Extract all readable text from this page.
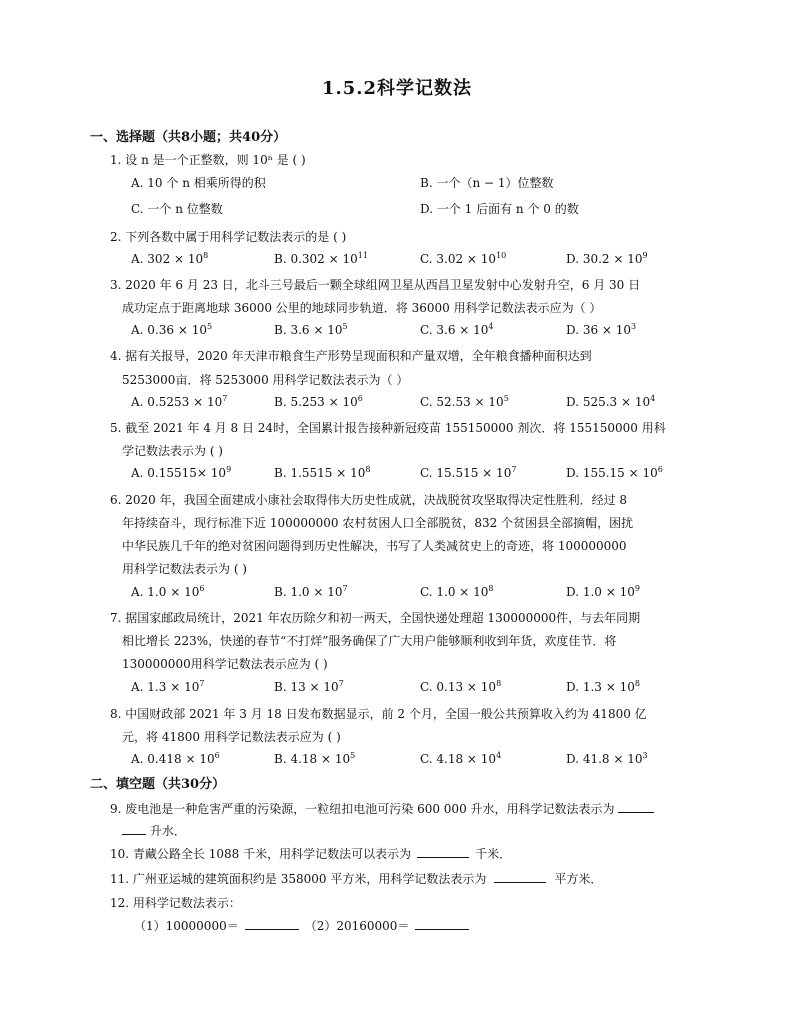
1.5.2科学记数法
一、选择题（共8小题；共40分）
1. 设 n 是一个正整数，则 10ⁿ 是 ( )
A. 10 个 n 相乘所得的积	B. 一个（n − 1）位整数
C. 一个 n 位整数	D. 一个 1 后面有 n 个 0 的数
2. 下列各数中属于用科学记数法表示的是 ( )
A. $302 \times 10^8$	B. $0.302 \times 10^{11}$	C. $3.02 \times 10^{10}$	D. $30.2 \times 10^9$
3. 2020 年 6 月 23 日，北斗三号最后一颗全球组网卫星从西昌卫星发射中心发射升空，6 月 30 日
成功定点于距离地球 36000 公里的地球同步轨道．将 36000 用科学记数法表示应为（ ）
A. $0.36 \times 10^5$	B. $3.6 \times 10^5$	C. $3.6 \times 10^4$	D. $36 \times 10^3$
4. 据有关报导，2020 年天津市粮食生产形势呈现面积和产量双增，全年粮食播种面积达到
5253000亩．将 5253000 用科学记数法表示为（ ）
A. $0.5253 \times 10^7$	B. $5.253 \times 10^6$	C. $52.53 \times 10^5$	D. $525.3 \times 10^4$
5. 截至 2021 年 4 月 8 日 24时，全国累计报告接种新冠疫苗 155150000 剂次．将 155150000 用科
学记数法表示为 ( )
A. $0.15515\times 10^9$	B. $1.5515 \times 10^8$	C. $15.515 \times 10^7$	D. $155.15 \times 10^6$
6. 2020 年，我国全面建成小康社会取得伟大历史性成就，决战脱贫攻坚取得决定性胜利．经过 8
年持续奋斗，现行标准下近 100000000 农村贫困人口全部脱贫，832 个贫困县全部摘帽，困扰
中华民族几千年的绝对贫困问题得到历史性解决，书写了人类减贫史上的奇迹，将 100000000
用科学记数法表示为 ( )
A. $1.0 \times 10^6$	B. $1.0 \times 10^7$	C. $1.0 \times 10^8$	D. $1.0 \times 10^9$
7. 据国家邮政局统计，2021 年农历除夕和初一两天，全国快递处理超 130000000件，与去年同期
相比增长 223%，快递的春节“不打烊”服务确保了广大用户能够顺利收到年货，欢度佳节．将
130000000用科学记数法表示应为 ( )
A. $1.3 \times 10^7$	B. $13 \times 10^7$	C. $0.13 \times 10^8$	D. $1.3 \times 10^8$
8. 中国财政部 2021 年 3 月 18 日发布数据显示，前 2 个月，全国一般公共预算收入约为 41800 亿
元，将 41800 用科学记数法表示应为 ( )
A. $0.418 \times 10^6$	B. $4.18 \times 10^5$	C. $4.18 \times 10^4$	D. $41.8 \times 10^3$
二、填空题（共30分）
9. 废电池是一种危害严重的污染源，一粒纽扣电池可污染 600 000 升水，用科学记数法表示为
升水．
10. 青藏公路全长 1088 千米，用科学记数法可以表示为	千米．
11. 广州亚运城的建筑面积约是 358000 平方米，用科学记数法表示为	平方米．
12. 用科学记数法表示：
（1）10000000＝	（2）20160000＝
